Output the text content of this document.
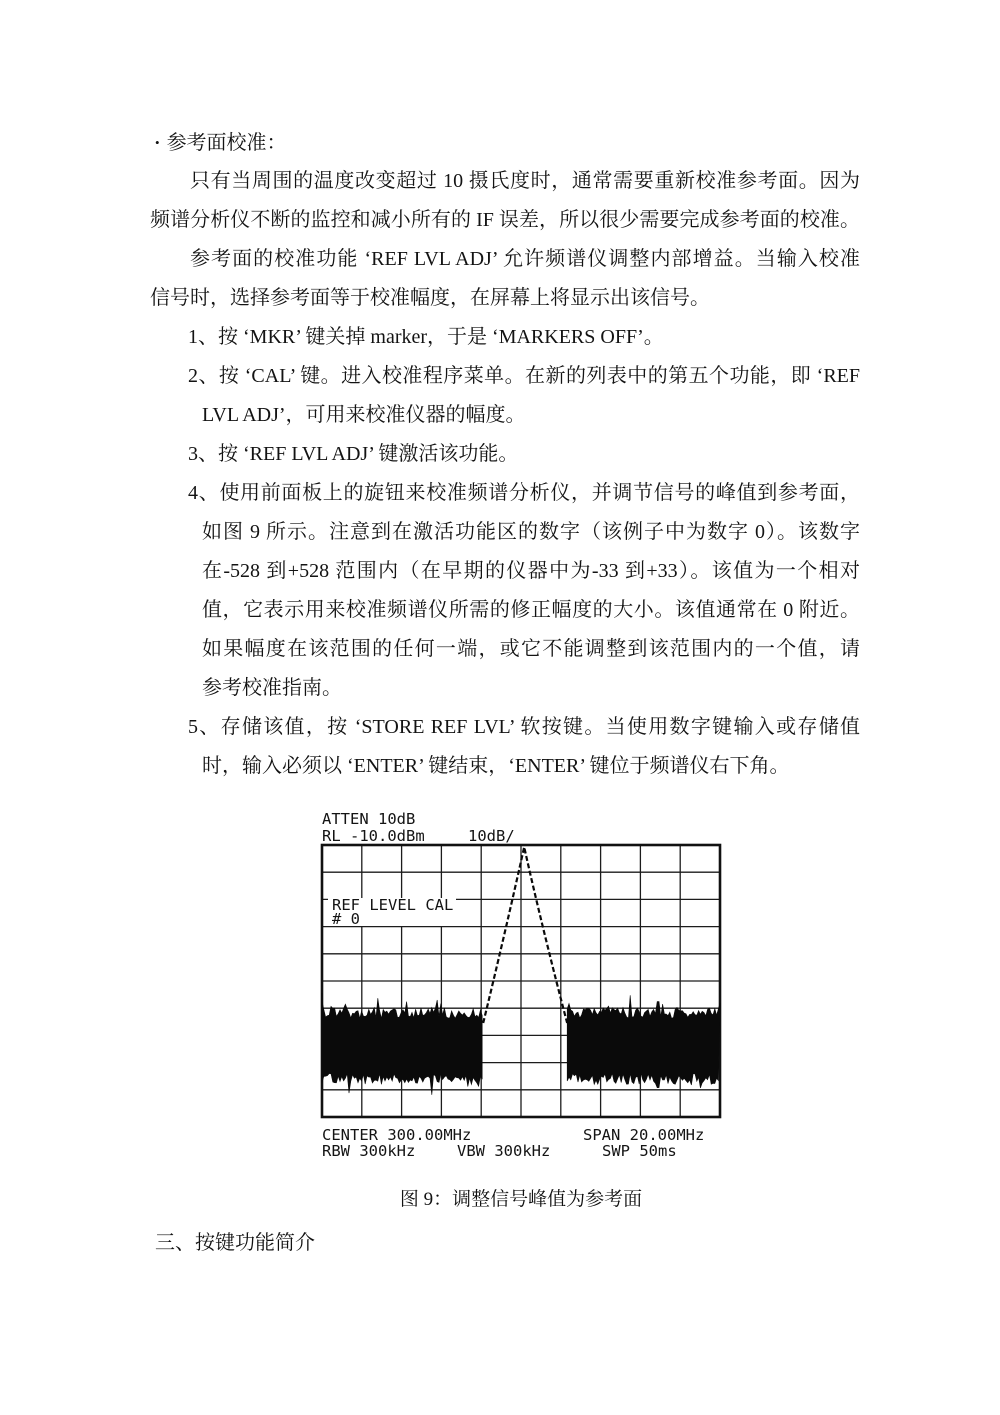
• 参考面校准：
只有当周围的温度改变超过 10 摄氏度时，通常需要重新校准参考面。因为
频谱分析仪不断的监控和减小所有的 IF 误差，所以很少需要完成参考面的校准。
参考面的校准功能 ‘REF LVL ADJ’ 允许频谱仪调整内部增益。当输入校准
信号时，选择参考面等于校准幅度，在屏幕上将显示出该信号。
1、按 ‘MKR’ 键关掉 marker，于是 ‘MARKERS OFF’。
2、按 ‘CAL’ 键。进入校准程序菜单。在新的列表中的第五个功能，即 ‘REF
LVL ADJ’，可用来校准仪器的幅度。
3、按 ‘REF LVL ADJ’ 键激活该功能。
4、使用前面板上的旋钮来校准频谱分析仪，并调节信号的峰值到参考面，
如图 9 所示。注意到在激活功能区的数字（该例子中为数字 0）。该数字
在-528 到+528 范围内（在早期的仪器中为-33 到+33）。该值为一个相对
值，它表示用来校准频谱仪所需的修正幅度的大小。该值通常在 0 附近。
如果幅度在该范围的任何一端，或它不能调整到该范围内的一个值，请
参考校准指南。
5、存储该值，按 ‘STORE REF LVL’ 软按键。当使用数字键输入或存储值
时，输入必须以 ‘ENTER’ 键结束，‘ENTER’ 键位于频谱仪右下角。
ATTEN 10dB
RL -10.0dBm	10dB/
REF LEVEL CAL
# 0
CENTER 300.00MHz	SPAN 20.00MHz
RBW 300kHz	VBW 300kHz	SWP 50ms
图 9：调整信号峰值为参考面
三、按键功能简介
